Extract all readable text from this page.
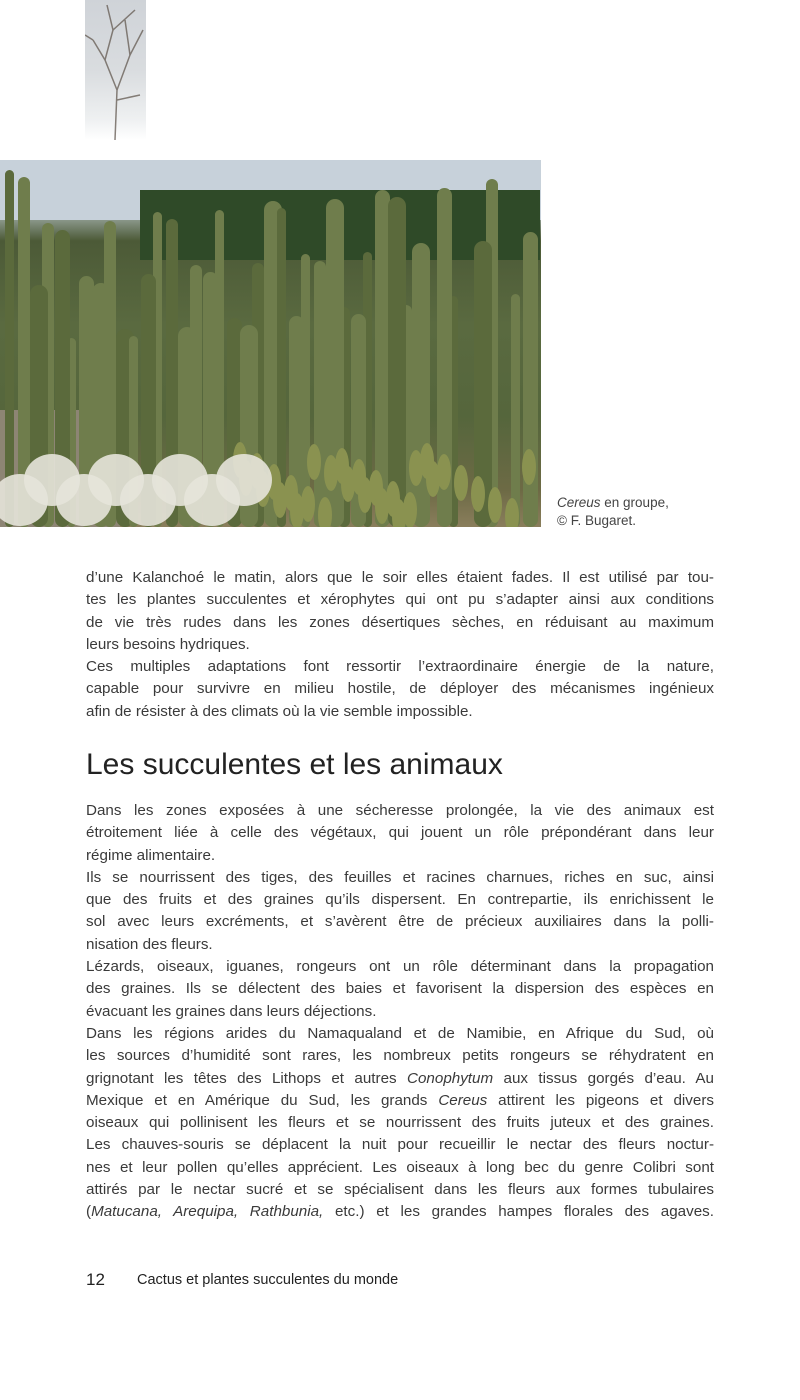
Cereus en groupe,
© F. Bugaret.
d’une Kalanchoé le matin, alors que le soir elles étaient fades. Il est utilisé par tou-
tes les plantes succulentes et xérophytes qui ont pu s’adapter ainsi aux conditions
de vie très rudes dans les zones désertiques sèches, en réduisant au maximum
leurs besoins hydriques.
Ces multiples adaptations font ressortir l’extraordinaire énergie de la nature,
capable pour survivre en milieu hostile, de déployer des mécanismes ingénieux
afin de résister à des climats où la vie semble impossible.
Les succulentes et les animaux
Dans les zones exposées à une sécheresse prolongée, la vie des animaux est
étroitement liée à celle des végétaux, qui jouent un rôle prépondérant dans leur
régime alimentaire.
Ils se nourrissent des tiges, des feuilles et racines charnues, riches en suc, ainsi
que des fruits et des graines qu’ils dispersent. En contrepartie, ils enrichissent le
sol avec leurs excréments, et s’avèrent être de précieux auxiliaires dans la polli-
nisation des fleurs.
Lézards, oiseaux, iguanes, rongeurs ont un rôle déterminant dans la propagation
des graines. Ils se délectent des baies et favorisent la dispersion des espèces en
évacuant les graines dans leurs déjections.
Dans les régions arides du Namaqualand et de Namibie, en Afrique du Sud, où
les sources d’humidité sont rares, les nombreux petits rongeurs se réhydratent en
grignotant les têtes des Lithops et autres Conophytum aux tissus gorgés d’eau. Au
Mexique et en Amérique du Sud, les grands Cereus attirent les pigeons et divers
oiseaux qui pollinisent les fleurs et se nourrissent des fruits juteux et des graines.
Les chauves-souris se déplacent la nuit pour recueillir le nectar des fleurs noctur-
nes et leur pollen qu’elles apprécient. Les oiseaux à long bec du genre Colibri sont
attirés par le nectar sucré et se spécialisent dans les fleurs aux formes tubulaires
(Matucana, Arequipa, Rathbunia, etc.) et les grandes hampes florales des agaves.
12 Cactus et plantes succulentes du monde
